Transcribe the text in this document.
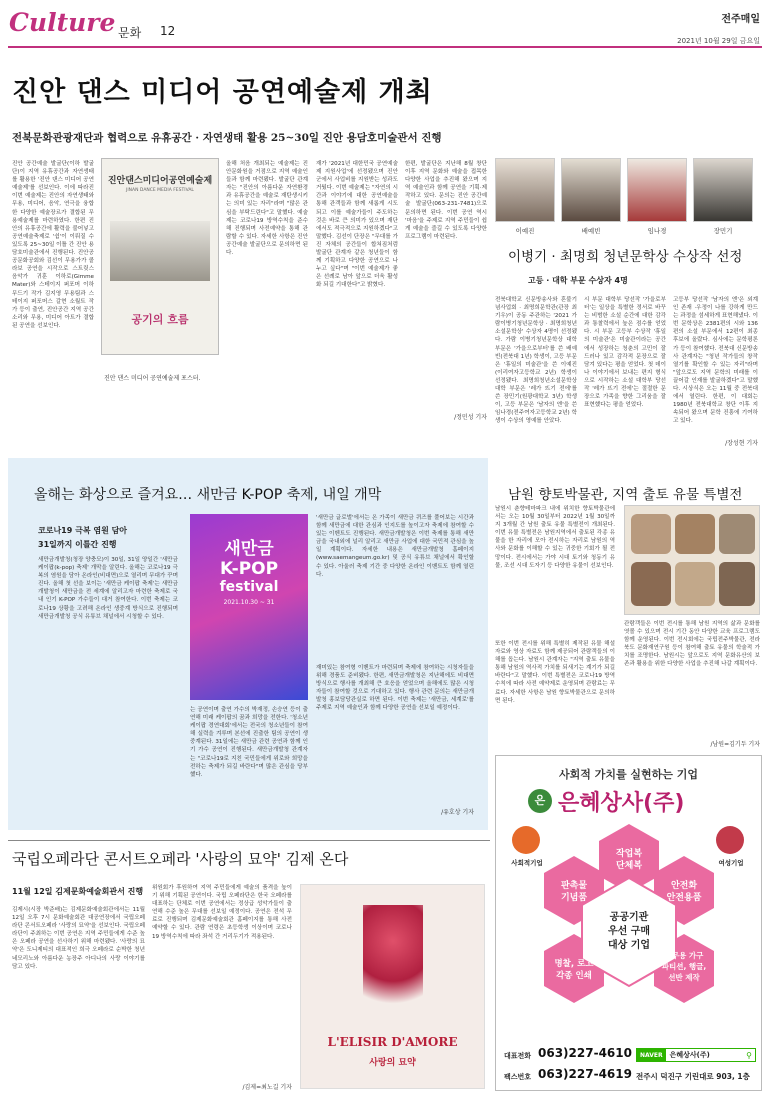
Culture 문화 12
전주매일
2021년 10월 29일 금요일
진안 댄스 미디어 공연예술제 개최
전북문화관광재단과 협력으로 유휴공간 · 자연생태 활용 25~30일 진안 용담호미술관서 진행
진안 공간예술 발굴단(이하 발굴단)이 지역 유휴공간과 자연생태를 활용한 '진안 댄스 미디어 공연예술제'를 선보인다. 이에 따라진 이번 예술제는 진안의 자연생태와 무용, 미디어, 음악, 연극을 융합한 다양한 예술장르가 결합된 무용예술제를 마련하였다. 한편 진안의 유휴공간에 활력을 불어넣고 공연예술축제로 '쉼'이 이뤄질 수 있도록 25~30일 이틀 간 진안 용담호미술관에서 진행된다. 진안공공문화공회와 김선이 무용가가 콜라보 공연을 시작으로 스트릿스 음악가 귀훈 이하로(Gimme Mater)와 스테이지 퍼포머 이하 무드기 작가 김지영 무용팀과 스테이지 퍼포머스 갈현 소월트 작가 등이 출연, 진안공간 지역 공간 소리와 무용, 미디어 아트가 결합된 공연을 선보인다.
진안댄스미디어공연예술제
JINAN DANCE MEDIA FESTIVAL
공기의 흐름
진안 댄스 미디어 공연예술제 포스터.
올해 처음 개최되는 예술제는 진안문화원을 거점으로 지역 예술인들과 함께 마련됐다. 발굴단 관계자는 "진안의 아름다운 자연환경과 유휴공간을 예술로 재탄생시키는 의미 있는 자리"라며 "많은 관심을 부탁드린다"고 말했다. 예술제는 코로나19 방역수칙을 준수해 진행되며 사전예약을 통해 관람할 수 있다. 자세한 사항은 진안 공간예술 발굴단으로 문의하면 된다.
재가 '2021년 대한민국 공연예술제 지원사업'에 선정됐으며 진안군에서 사업비를 지원받는 성과도 거뒀다. 이번 예술제는 "자연의 시간과 이야기에 대한 공연예술을 통해 관객들과 함께 새롭게 시도되고 이를 예술가들이 주도하는 것은 바로 큰 의미가 있으며 재단에서도 적극적으로 지원하겠다"고 말했다. 김선이 단장은 "무대를 가진 자체의 공간들이 합쳐짐처럼 발굴단 관계자 같은 청년들이 함께 기획하고 다양한 공연으로 나누고 싶다"며 "이번 예술제가 좋은 선례로 남아 앞으로 더욱 활성화 되길 기대한다"고 밝혔다.
한편, 발굴단은 지난해 8월 창단 이후 지역 문화와 예술을 접목한 다양한 사업을 추진해 왔으며 지역 예술인과 함께 공연을 기획·제작하고 있다. 문의는 진안 공간예술 발굴단(063-231-7481)으로 문의하면 된다. 이번 공연 역시 '마음'을 주제로 지역 주민들이 쉽게 예술을 즐길 수 있도록 다양한 프로그램이 마련된다.
/정민성 기자
이예진	배예빈	임나경	장민기
이병기 · 최명희 청년문학상 수상작 선정
고등 · 대학 부문 수상자 4명
전북대학교 신문방송사와 혼불기념사업회 · 최명희문학관(관장 최기우)이 공동 주관하는 '2021 가람이병기청년문학상 · 최명희청년소설문학상' 수상자 4명이 선정됐다. 가람 이병기청년문학상 대학 부문은 '가을으로부터'를 쓴 배예빈(전북대 1년) 학생이, 고등 부문은 '휴일의 미술관'을 쓴 이예진(이리여자고등학교 2년) 학생이 선정됐다. 최명희청년소설문학상 대학 부문은 '레가 뜨기 전에'를 쓴 장민기(원광대학교 3년) 학생이, 고등 부문은 '남자의 엔'을 쓴 임나경(전주여자고등학교 2년) 학생이 수상의 영예를 안았다.
시 부문 대학부 당선작 '가을로부터'는 일상을 특별한 정서로 바꾸는 비범한 소설 순간에 대한 감각과 통찰력에서 높은 점수를 얻었다. 시 부문 고등부 수상작 '휴일의 미술관'은 미술관이라는 공간에서 성장하는 청춘의 고민이 잘 드러나 있고 감각적 문장으로 잘 담겨 있다는 평을 얻었다. 첫 데이나 이야기에서 보내는 편지 형식으로 시작하는 소설 대학부 당선작 '레가 뜨기 전에'는 절절한 문장으로 가족을 향한 그리움을 잘 표현했다는 평을 얻었다.
고등부 당선작 '남자의 엔'은 외계인 존재 ·우정이 나를 강하게 만드는 과정을 섬세하게 표현해냈다. 이번 문학상은 2381편의 시와 136편의 소설 부문에서 12편이 최종 후보에 올랐다. 심사에는 문학평론가 등이 참여했다. 전북대 신문방송사 관계자는 "청년 작가들의 창작 열기를 확인할 수 있는 자리"라며 "앞으로도 지역 문학의 미래를 이끌어갈 인재를 발굴하겠다"고 말했다. 시상식은 오는 11월 중 전북대에서 열린다. 한편, 이 대회는 1980년 전북대학교 창단 이후 지속되어 왔으며 문학 진흥에 기여하고 있다.
/장성현 기자
올해는 화상으로 즐겨요… 새만금 K-POP 축제, 내일 개막
코로나19 극복 염원 담아
31일까지 이틀간 진행	새만금
K-POP
festival
2021.10.30 ~ 31
새만금개발청(청장 양충모)이 30일, 31일 양일간 '새만금 케이팝(k-pop) 축제' 개막을 알린다. 올해는 코로나19 극복의 염원을 담아 온라인(비대면)으로 열리며 무대가 꾸며진다. 올해 첫 선을 보이는 '새만금 케이팝 축제'는 새만금개발청이 새만금을 전 세계에 알리고자 마련한 축제로 국내 인기 K-POP 가수들이 대거 참여한다. 이번 축제는 코로나19 상황을 고려해 온라인 생중계 방식으로 진행되며 새만금개발청 공식 유튜브 채널에서 시청할 수 있다.
는 공연이며 출연 가수의 박재정, 손승연 등이 출연해 미래 케이팝의 꿈과 희망을 전한다. '청소년 케이팝 경연대회'에서는 전국의 청소년들이 참여해 실력을 겨루며 본선에 진출한 팀의 공연이 생중계된다. 31일에는 새만금 관련 공연과 함께 인기 가수 공연이 진행된다. 새만금개발청 관계자는 "코로나19로 지친 국민들에게 위로와 희망을 전하는 축제가 되길 바란다"며 많은 관심을 당부했다.
'새만금 글로벌'에서는 온 가족이 새만금 퀴즈를 풀어보는 시간과 함께 새만금에 대한 관심과 인지도를 높이고자 축제에 참여할 수 있는 이벤트도 진행된다. 새만금개발청은 이번 축제를 통해 새만금을 국내외에 널리 알리고 새만금 사업에 대한 국민적 관심을 높일 계획이다. 자세한 내용은 새만금개발청 홈페이지(www.saemangeum.go.kr) 및 공식 유튜브 채널에서 확인할 수 있다. 아울러 축제 기간 중 다양한 온라인 이벤트도 함께 열린다.
재미있는 참여형 이벤트가 마련되며 축제에 참여하는 시청자들을 위해 경품도 준비됐다. 한편, 새만금개발청은 지난해에도 비대면 방식으로 행사를 개최해 큰 호응을 얻었으며 올해에도 많은 시청자들이 참여할 것으로 기대하고 있다. 행사 관련 문의는 새만금개발청 홍보담당관실로 하면 된다. 이번 축제는 '새만금, 세계로'를 주제로 지역 예술인과 함께 다양한 공연을 선보일 예정이다.
/유호상 기자
남원 향토박물관, 지역 출토 유물 특별전
남원시 춘향테마파크 내에 위치한 향토박물관에서는 오는 10월 30일부터 2022년 1월 30일까지 3개월 간 남원 출토 유물 특별전이 개최된다. 이번 유물 특별전은 남원지역에서 출토된 각종 유물을 한 자리에 모아 전시하는 자리로 남원의 역사와 문화를 이해할 수 있는 귀중한 기회가 될 전망이다. 전시에서는 가야 시대 토기와 청동기 유물, 조선 시대 도자기 등 다양한 유물이 선보인다.
또한 이번 전시를 위해 특별히 제작된 유물 해설 자료와 영상 자료도 함께 제공되어 관람객들의 이해를 돕는다. 남원시 관계자는 "지역 출토 유물을 통해 남원의 역사적 가치를 되새기는 계기가 되길 바란다"고 말했다. 이번 특별전은 코로나19 방역수칙에 따라 사전 예약제로 운영되며 관람료는 무료다. 자세한 사항은 남원 향토박물관으로 문의하면 된다.
관람객들은 이번 전시를 통해 남원 지역의 삶과 문화를 엿볼 수 있으며 전시 기간 동안 다양한 교육 프로그램도 함께 운영된다. 이번 전시회에는 국립전주박물관, 전라북도 문화재연구원 등이 참여해 출토 유물의 학술적 가치를 조명한다. 남원시는 앞으로도 지역 문화유산의 보존과 활용을 위한 다양한 사업을 추진해 나갈 계획이다.
/남원=김기두 기자
국립오페라단 콘서트오페라 '사랑의 묘약' 김제 온다
11월 12일 김제문화예술회관서 진행
김제시(시장 박준배)는 김제문화예술회관에서는 11월 12일 오후 7시 문화예술회관 대공연장에서 국립오페라단 콘서트오페라 '사랑의 묘약'을 선보인다. 국립오페라단이 주최하는 이번 공연은 지역 주민들에게 수준 높은 오페라 공연을 선사하기 위해 마련됐다. '사랑의 묘약'은 도니제티의 대표적인 희극 오페라로 순박한 청년 네모리노와 아름다운 농장주 아디나의 사랑 이야기를 담고 있다.
위원회가 후원하여 지역 주민들에게 예술의 품격을 높이기 위해 기획된 공연이다. 국립 오페라단은 한국 오페라를 대표하는 단체로 이번 공연에서는 정상급 성악가들이 출연해 수준 높은 무대를 선보일 예정이다. 공연은 전석 무료로 진행되며 김제문화예술회관 홈페이지를 통해 사전 예약할 수 있다. 관람 연령은 초등학생 이상이며 코로나19 방역수칙에 따라 좌석 간 거리두기가 적용된다.
/김제=최노길 기자
L'ELISIR D'AMORE
사랑의 묘약
사회적 가치를 실현하는 기업
은 은혜상사(주)
사회적기업	여성기업
작업복
단체복
판촉물
기념품
안전화
안전용품
명찰, 로고
각종 인쇄
사무용 가구
파티션, 행글,
선반 제작
공공기관
우선 구매
대상 기업
대표전화 063)227-4610
팩스번호 063)227-4619
NAVER	은혜상사(주)	⚲
전주시 덕진구 기린대로 903, 1층
